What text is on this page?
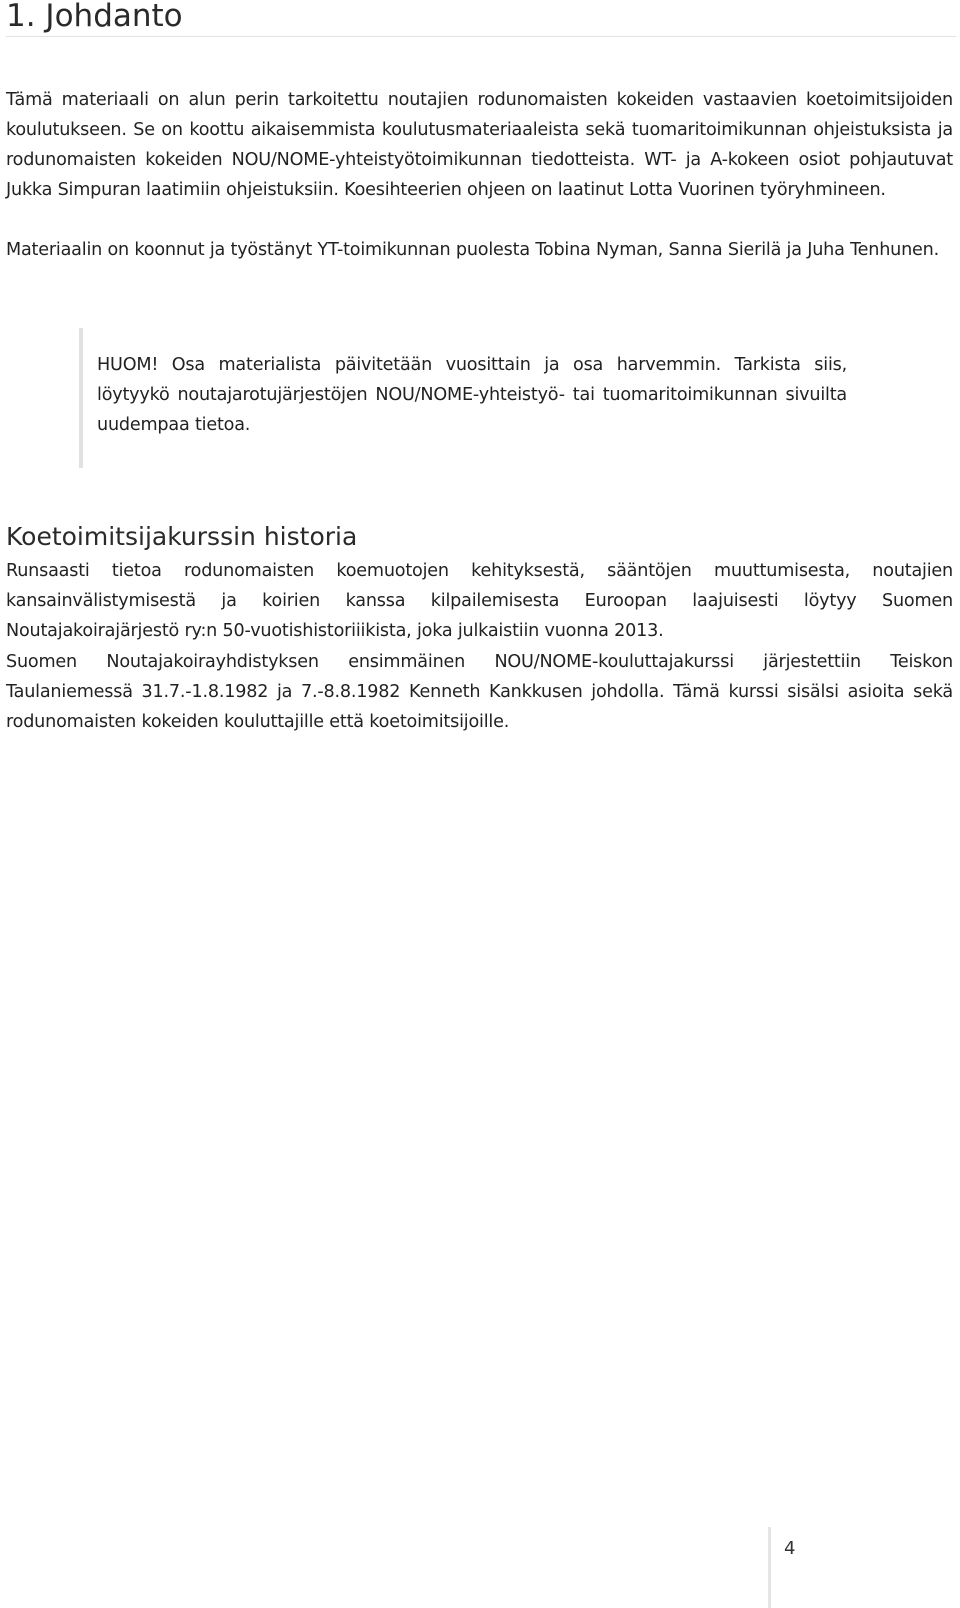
1. Johdanto

Tämä materiaali on alun perin tarkoitettu noutajien rodunomaisten kokeiden vastaavien koetoimitsijoiden koulutukseen. Se on koottu aikaisemmista koulutusmateriaaleista sekä tuomaritoimikunnan ohjeistuksista ja rodunomaisten kokeiden NOU/NOME-yhteistyötoimikunnan tiedotteista. WT- ja A-kokeen osiot pohjautuvat Jukka Simpuran laatimiin ohjeistuksiin. Koesihteerien ohjeen on laatinut Lotta Vuorinen työryhmineen.

Materiaalin on koonnut ja työstänyt YT-toimikunnan puolesta Tobina Nyman, Sanna Sierilä ja Juha Tenhunen.

HUOM! Osa materialista päivitetään vuosittain ja osa harvemmin. Tarkista siis, löytyykö noutajarotujärjestöjen NOU/NOME-yhteistyö- tai tuomaritoimikunnan sivuilta uudempaa tietoa.

Koetoimitsijakurssin historia

Runsaasti tietoa rodunomaisten koemuotojen kehityksestä, sääntöjen muuttumisesta, noutajien kansainvälistymisestä ja koirien kanssa kilpailemisesta Euroopan laajuisesti löytyy Suomen Noutajakoirajärjestö ry:n 50-vuotishistoriiikista, joka julkaistiin vuonna 2013.

Suomen Noutajakoirayhdistyksen ensimmäinen NOU/NOME-kouluttajakurssi järjestettiin Teiskon Taulaniemessä 31.7.-1.8.1982 ja 7.-8.8.1982 Kenneth Kankkusen johdolla. Tämä kurssi sisälsi asioita sekä rodunomaisten kokeiden kouluttajille että koetoimitsijoille.

4
